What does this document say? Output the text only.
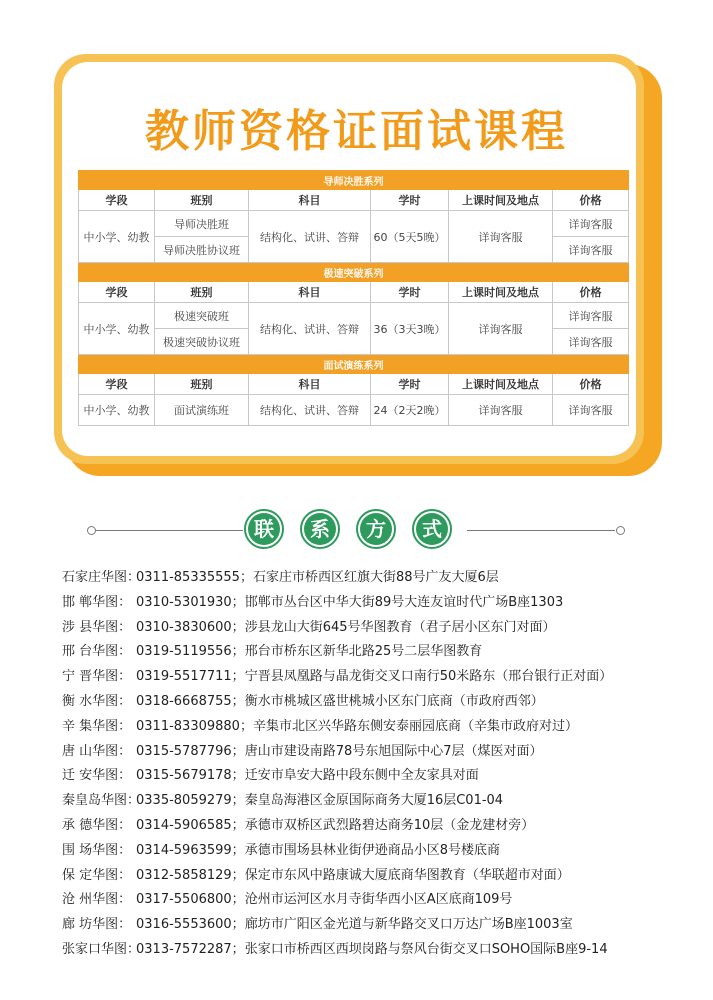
教师资格证面试课程
导师决胜系列					
学段	班别	科目	学时	上课时间及地点	价格
中小学、幼教	导师决胜班	结构化、试讲、答辩	60（5天5晚）	详询客服	详询客服
	导师决胜协议班				详询客服
极速突破系列					
学段	班别	科目	学时	上课时间及地点	价格
中小学、幼教	极速突破班	结构化、试讲、答辩	36（3天3晚）	详询客服	详询客服
	极速突破协议班				详询客服
面试演练系列					
学段	班别	科目	学时	上课时间及地点	价格
中小学、幼教	面试演练班	结构化、试讲、答辩	24（2天2晚）	详询客服	详询客服
联	系	方	式
石家庄华图：0311-85335555；石家庄市桥西区红旗大街88号广友大厦6层
邯 郸华图： 0310-5301930；邯郸市丛台区中华大街89号大连友谊时代广场B座1303
涉 县华图： 0310-3830600；涉县龙山大街645号华图教育（君子居小区东门对面）
邢 台华图： 0319-5119556；邢台市桥东区新华北路25号二层华图教育
宁 晋华图： 0319-5517711；宁晋县凤凰路与晶龙街交叉口南行50米路东（邢台银行正对面）
衡 水华图： 0318-6668755；衡水市桃城区盛世桃城小区东门底商（市政府西邻）
辛 集华图： 0311-83309880；辛集市北区兴华路东侧安泰丽园底商（辛集市政府对过）
唐 山华图： 0315-5787796；唐山市建设南路78号东旭国际中心7层（煤医对面）
迁 安华图： 0315-5679178；迁安市阜安大路中段东侧中全友家具对面
秦皇岛华图：0335-8059279；秦皇岛海港区金原国际商务大厦16层C01-04
承 德华图： 0314-5906585；承德市双桥区武烈路碧达商务10层（金龙建材旁）
围 场华图： 0314-5963599；承德市围场县林业街伊逊商品小区8号楼底商
保 定华图： 0312-5858129；保定市东风中路康诚大厦底商华图教育（华联超市对面）
沧 州华图： 0317-5506800；沧州市运河区水月寺街华西小区A区底商109号
廊 坊华图： 0316-5553600；廊坊市广阳区金光道与新华路交叉口万达广场B座1003室
张家口华图：0313-7572287；张家口市桥西区西坝岗路与祭风台街交叉口SOHO国际B座9-14
